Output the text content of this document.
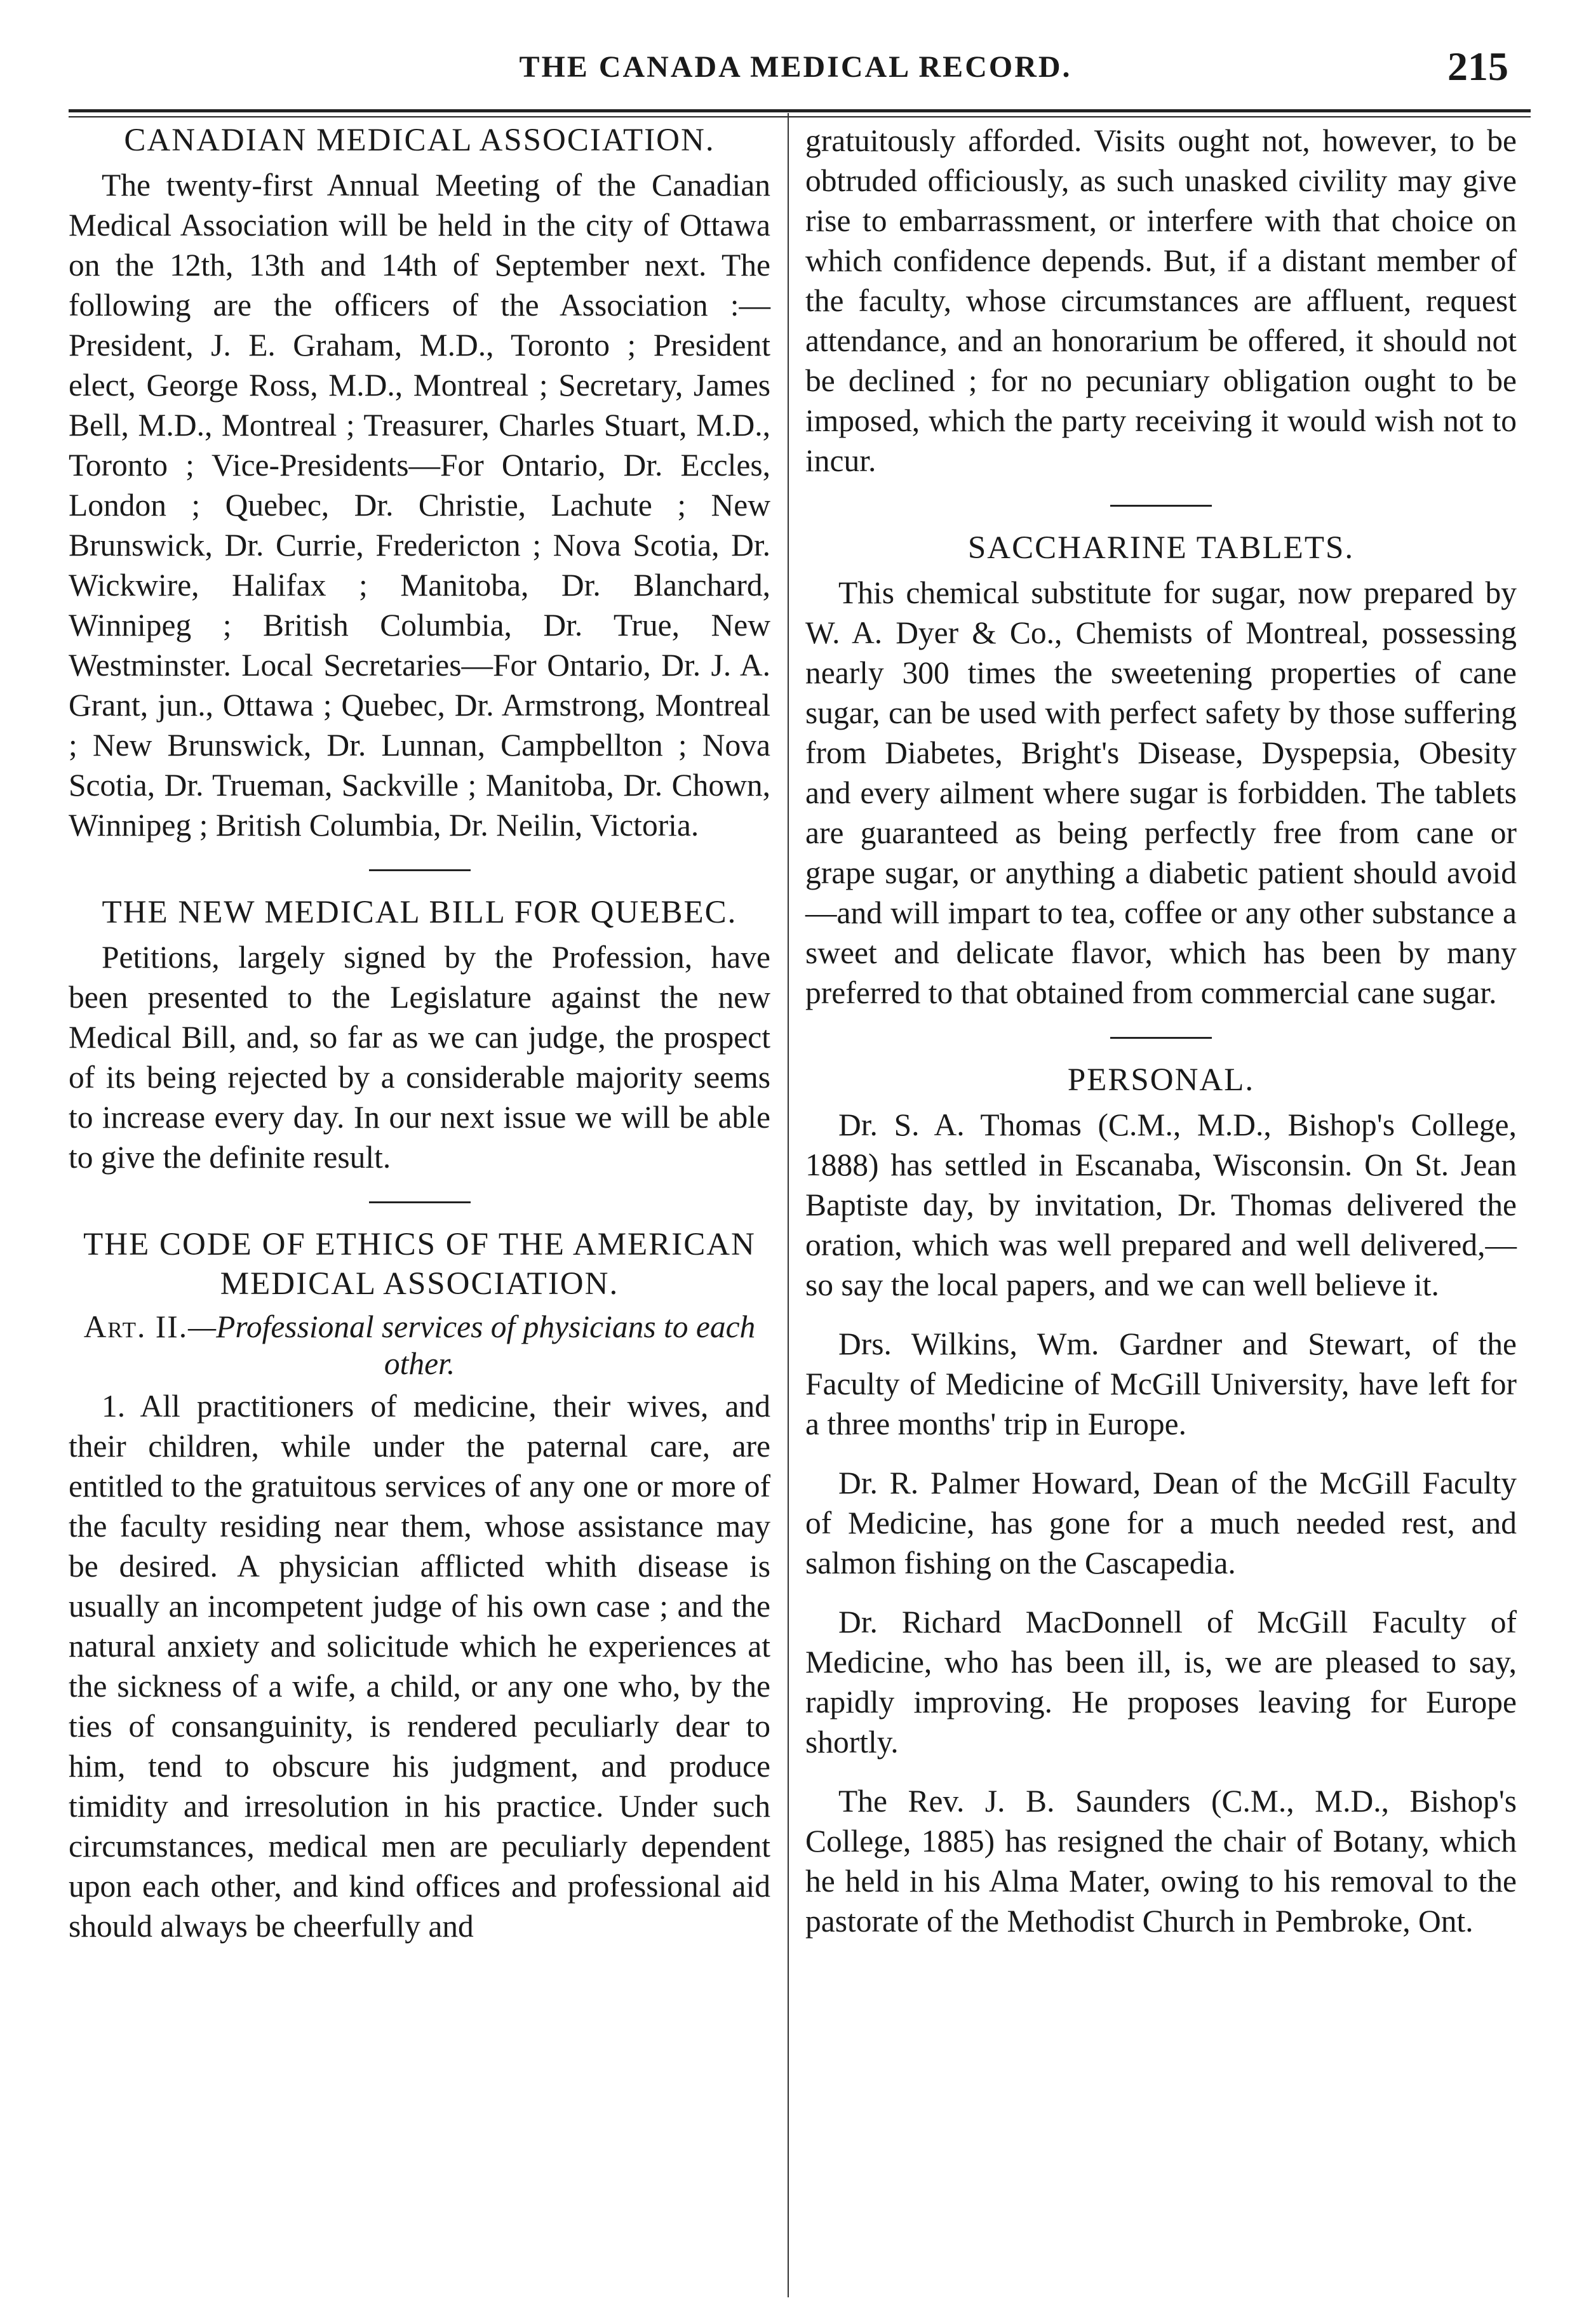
THE CANADA MEDICAL RECORD.	215
CANADIAN MEDICAL ASSOCIATION.

The twenty-first Annual Meeting of the Canadian Medical Association will be held in the city of Ottawa on the 12th, 13th and 14th of September next. The following are the officers of the Association :—President, J. E. Graham, M.D., Toronto ; President elect, George Ross, M.D., Montreal ; Secretary, James Bell, M.D., Montreal ; Treasurer, Charles Stuart, M.D., Toronto ; Vice-Presidents—For Ontario, Dr. Eccles, London ; Quebec, Dr. Christie, Lachute ; New Brunswick, Dr. Currie, Fredericton ; Nova Scotia, Dr. Wickwire, Halifax ; Manitoba, Dr. Blanchard, Winnipeg ; British Columbia, Dr. True, New Westminster. Local Secretaries—For Ontario, Dr. J. A. Grant, jun., Ottawa ; Quebec, Dr. Armstrong, Montreal ; New Brunswick, Dr. Lunnan, Campbellton ; Nova Scotia, Dr. Trueman, Sackville ; Manitoba, Dr. Chown, Winnipeg ; British Columbia, Dr. Neilin, Victoria.

THE NEW MEDICAL BILL FOR QUEBEC.

Petitions, largely signed by the Profession, have been presented to the Legislature against the new Medical Bill, and, so far as we can judge, the prospect of its being rejected by a considerable majority seems to increase every day. In our next issue we will be able to give the definite result.

THE CODE OF ETHICS OF THE AMERICAN MEDICAL ASSOCIATION.
Art. II.—Professional services of physicians to each other.

1. All practitioners of medicine, their wives, and their children, while under the paternal care, are entitled to the gratuitous services of any one or more of the faculty residing near them, whose assistance may be desired. A physician afflicted whith disease is usually an incompetent judge of his own case ; and the natural anxiety and solicitude which he experiences at the sickness of a wife, a child, or any one who, by the ties of consanguinity, is rendered peculiarly dear to him, tend to obscure his judgment, and produce timidity and irresolution in his practice. Under such circumstances, medical men are peculiarly dependent upon each other, and kind offices and professional aid should always be cheerfully and

gratuitously afforded. Visits ought not, however, to be obtruded officiously, as such unasked civility may give rise to embarrassment, or interfere with that choice on which confidence depends. But, if a distant member of the faculty, whose circumstances are affluent, request attendance, and an honorarium be offered, it should not be declined ; for no pecuniary obligation ought to be imposed, which the party receiving it would wish not to incur.

SACCHARINE TABLETS.

This chemical substitute for sugar, now prepared by W. A. Dyer & Co., Chemists of Montreal, possessing nearly 300 times the sweetening properties of cane sugar, can be used with perfect safety by those suffering from Diabetes, Bright's Disease, Dyspepsia, Obesity and every ailment where sugar is forbidden. The tablets are guaranteed as being perfectly free from cane or grape sugar, or anything a diabetic patient should avoid—and will impart to tea, coffee or any other substance a sweet and delicate flavor, which has been by many preferred to that obtained from commercial cane sugar.

PERSONAL.

Dr. S. A. Thomas (C.M., M.D., Bishop's College, 1888) has settled in Escanaba, Wisconsin. On St. Jean Baptiste day, by invitation, Dr. Thomas delivered the oration, which was well prepared and well delivered,—so say the local papers, and we can well believe it.

Drs. Wilkins, Wm. Gardner and Stewart, of the Faculty of Medicine of McGill University, have left for a three months' trip in Europe.

Dr. R. Palmer Howard, Dean of the McGill Faculty of Medicine, has gone for a much needed rest, and salmon fishing on the Cascapedia.

Dr. Richard MacDonnell of McGill Faculty of Medicine, who has been ill, is, we are pleased to say, rapidly improving. He proposes leaving for Europe shortly.

The Rev. J. B. Saunders (C.M., M.D., Bishop's College, 1885) has resigned the chair of Botany, which he held in his Alma Mater, owing to his removal to the pastorate of the Methodist Church in Pembroke, Ont.
